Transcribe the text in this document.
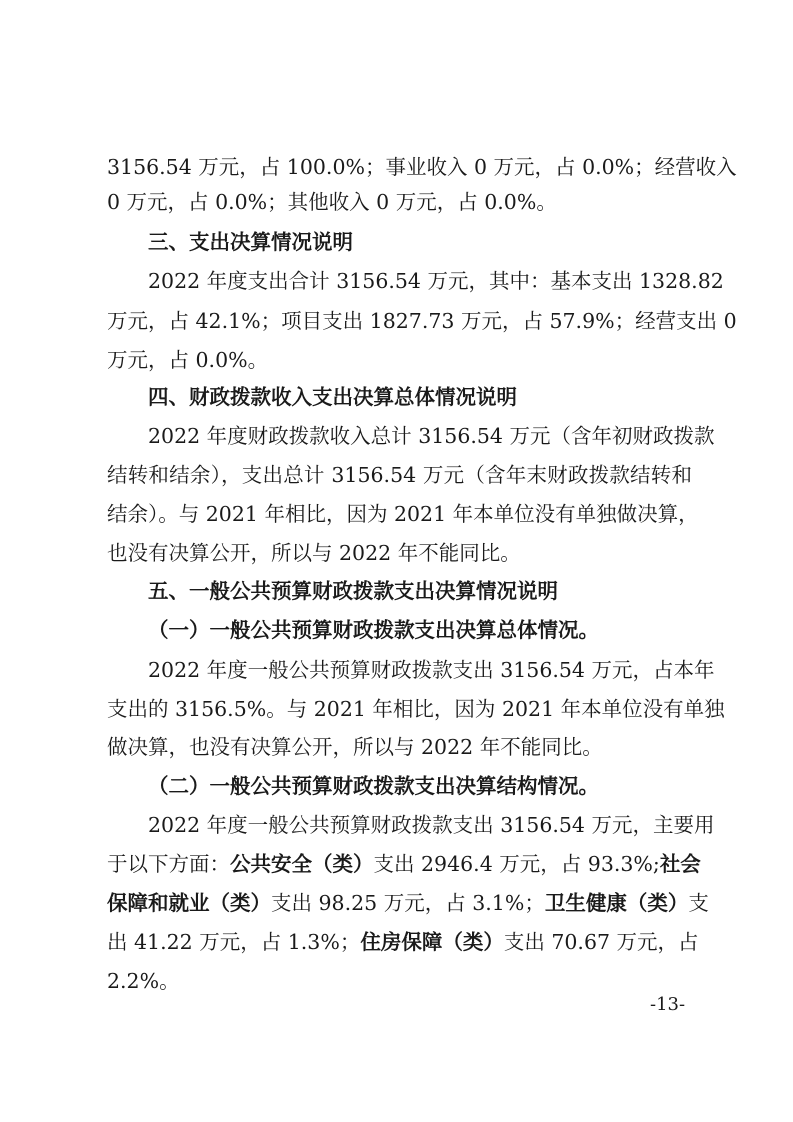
3156.54 万元，占 100.0%；事业收入 0 万元，占 0.0%；经营收入
0 万元，占 0.0%；其他收入 0 万元，占 0.0%。
三、支出决算情况说明
2022 年度支出合计 3156.54 万元，其中：基本支出 1328.82
万元，占 42.1%；项目支出 1827.73 万元，占 57.9%；经营支出 0
万元，占 0.0%。
四、财政拨款收入支出决算总体情况说明
2022 年度财政拨款收入总计 3156.54 万元（含年初财政拨款
结转和结余），支出总计 3156.54 万元（含年末财政拨款结转和
结余）。与 2021 年相比，因为 2021 年本单位没有单独做决算，
也没有决算公开，所以与 2022 年不能同比。
五、一般公共预算财政拨款支出决算情况说明
（一）一般公共预算财政拨款支出决算总体情况。
2022 年度一般公共预算财政拨款支出 3156.54 万元，占本年
支出的 3156.5%。与 2021 年相比，因为 2021 年本单位没有单独
做决算，也没有决算公开，所以与 2022 年不能同比。
（二）一般公共预算财政拨款支出决算结构情况。
2022 年度一般公共预算财政拨款支出 3156.54 万元，主要用
于以下方面：公共安全（类）支出 2946.4 万元，占 93.3%;社会
保障和就业（类）支出 98.25 万元，占 3.1%；卫生健康（类）支
出 41.22 万元，占 1.3%；住房保障（类）支出 70.67 万元，占
2.2%。
-13-
